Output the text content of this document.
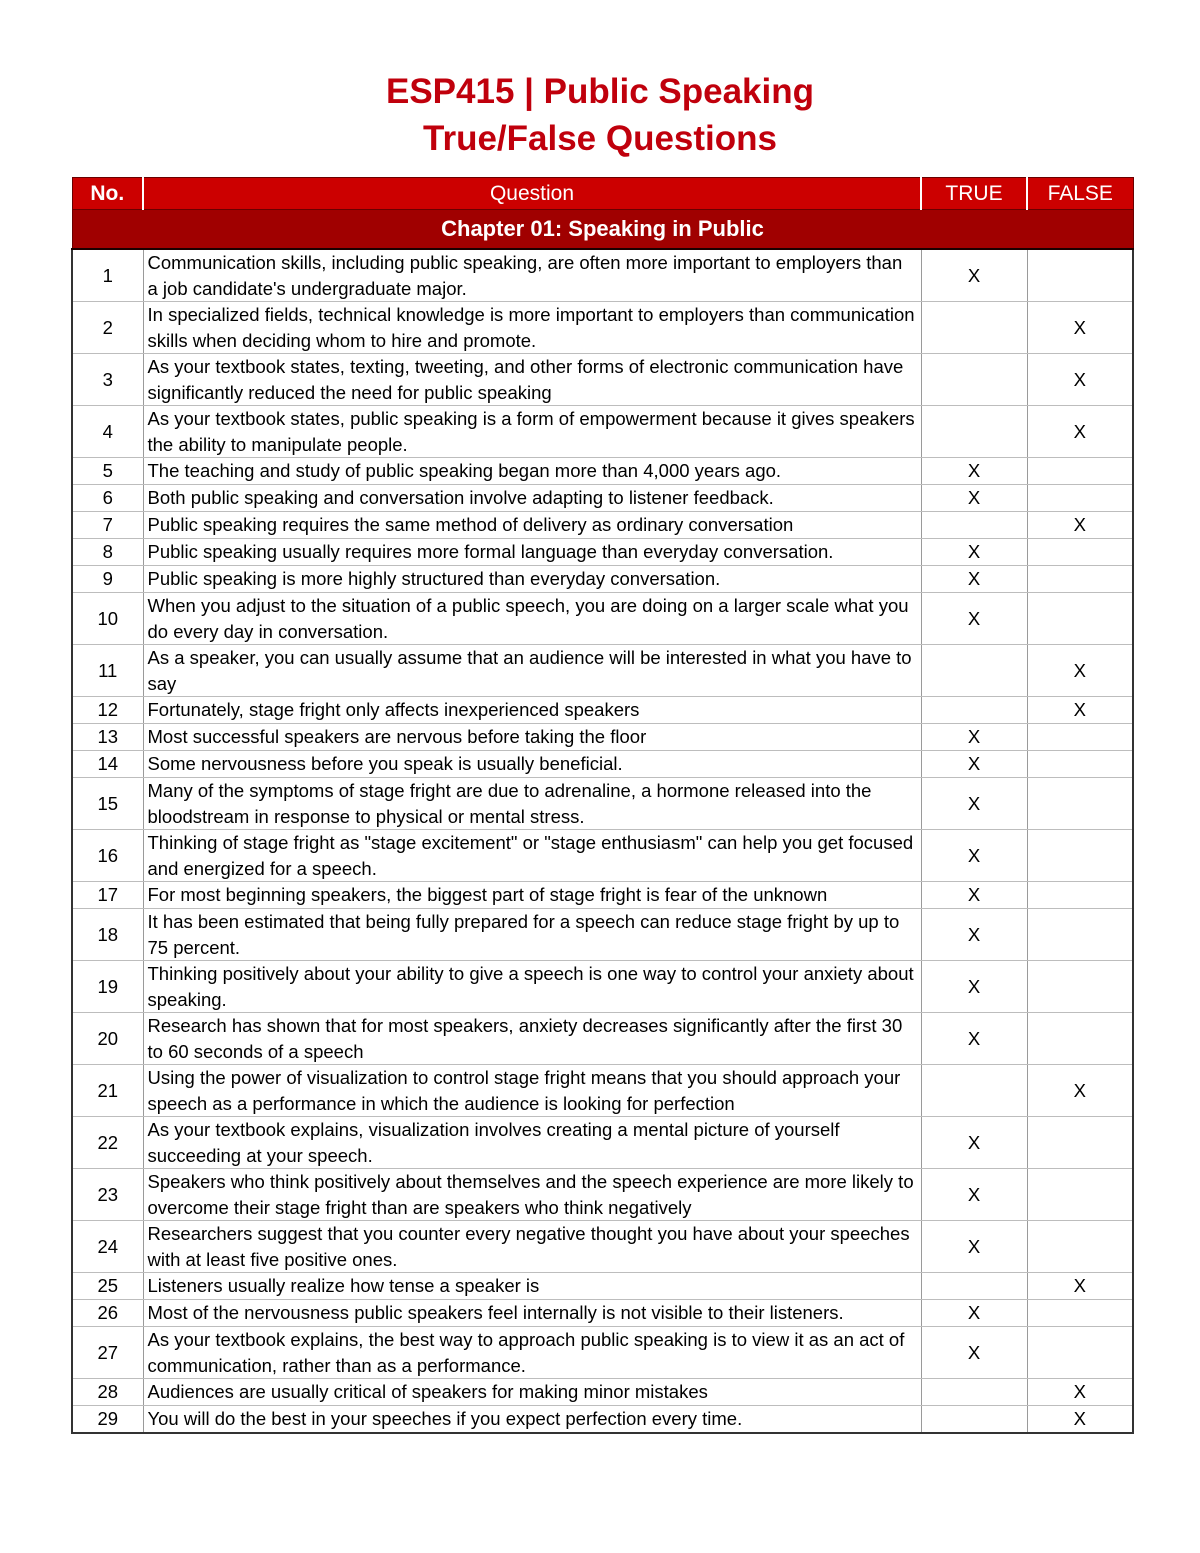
ESP415 | Public Speaking
True/False Questions
No.	Question	TRUE	FALSE
Chapter 01: Speaking in Public			
1	Communication skills, including public speaking, are often more important to employers than a job candidate's undergraduate major.	X	
2	In specialized fields, technical knowledge is more important to employers than communication skills when deciding whom to hire and promote.		X
3	As your textbook states, texting, tweeting, and other forms of electronic communication have significantly reduced the need for public speaking		X
4	As your textbook states, public speaking is a form of empowerment because it gives speakers the ability to manipulate people.		X
5	The teaching and study of public speaking began more than 4,000 years ago.	X	
6	Both public speaking and conversation involve adapting to listener feedback.	X	
7	Public speaking requires the same method of delivery as ordinary conversation		X
8	Public speaking usually requires more formal language than everyday conversation.	X	
9	Public speaking is more highly structured than everyday conversation.	X	
10	When you adjust to the situation of a public speech, you are doing on a larger scale what you do every day in conversation.	X	
11	As a speaker, you can usually assume that an audience will be interested in what you have to say		X
12	Fortunately, stage fright only affects inexperienced speakers		X
13	Most successful speakers are nervous before taking the floor	X	
14	Some nervousness before you speak is usually beneficial.	X	
15	Many of the symptoms of stage fright are due to adrenaline, a hormone released into the bloodstream in response to physical or mental stress.	X	
16	Thinking of stage fright as "stage excitement" or "stage enthusiasm" can help you get focused and energized for a speech.	X	
17	For most beginning speakers, the biggest part of stage fright is fear of the unknown	X	
18	It has been estimated that being fully prepared for a speech can reduce stage fright by up to 75 percent.	X	
19	Thinking positively about your ability to give a speech is one way to control your anxiety about speaking.	X	
20	Research has shown that for most speakers, anxiety decreases significantly after the first 30 to 60 seconds of a speech	X	
21	Using the power of visualization to control stage fright means that you should approach your speech as a performance in which the audience is looking for perfection		X
22	As your textbook explains, visualization involves creating a mental picture of yourself succeeding at your speech.	X	
23	Speakers who think positively about themselves and the speech experience are more likely to overcome their stage fright than are speakers who think negatively	X	
24	Researchers suggest that you counter every negative thought you have about your speeches with at least five positive ones.	X	
25	Listeners usually realize how tense a speaker is		X
26	Most of the nervousness public speakers feel internally is not visible to their listeners.	X	
27	As your textbook explains, the best way to approach public speaking is to view it as an act of communication, rather than as a performance.	X	
28	Audiences are usually critical of speakers for making minor mistakes		X
29	You will do the best in your speeches if you expect perfection every time.		X
